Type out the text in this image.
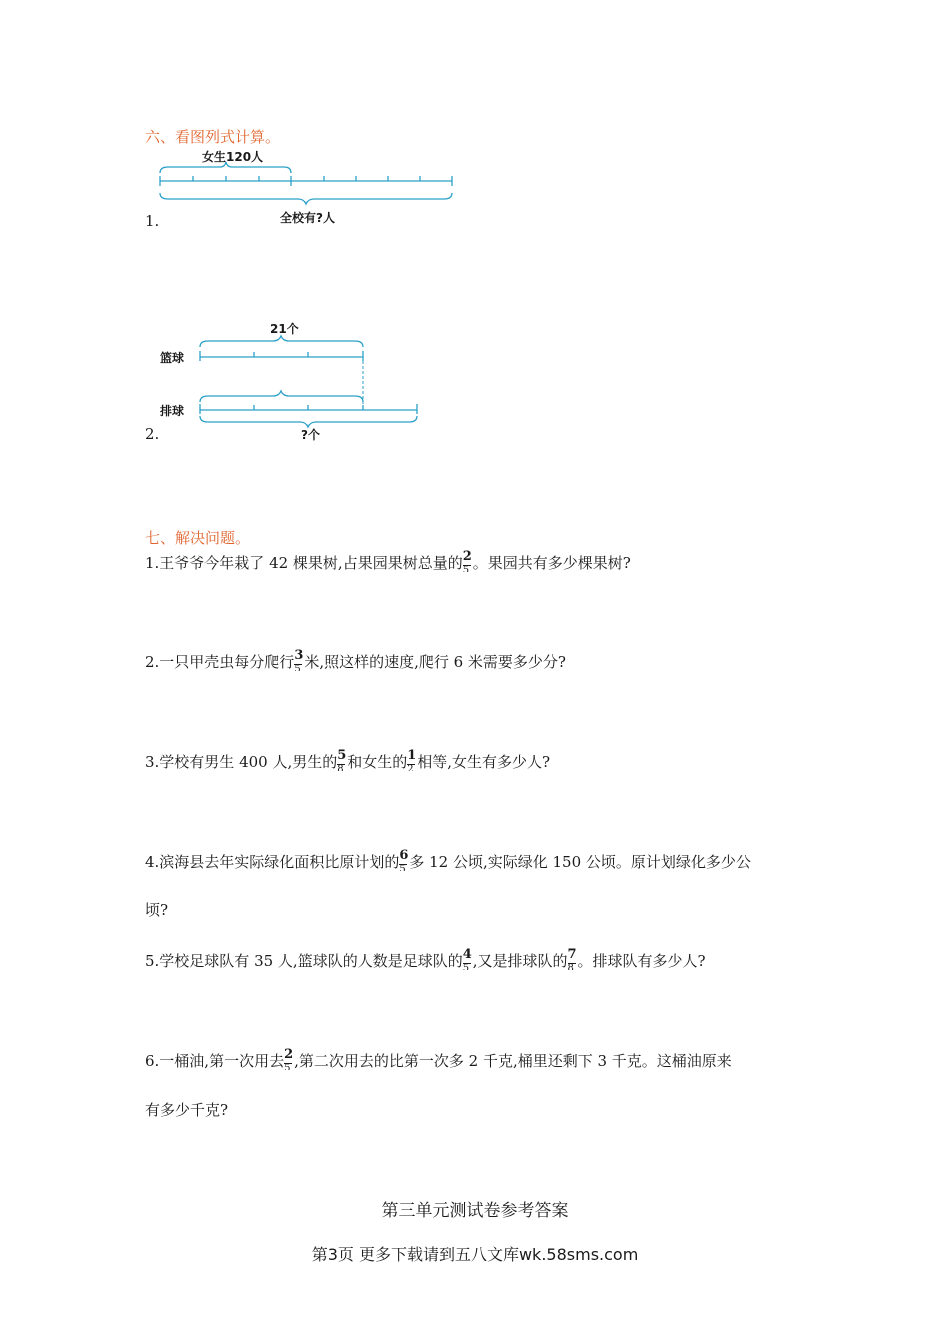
六、看图列式计算。
女生120人
全校有?人
1.
21个
篮球
排球
?个
2.
七、解决问题。
1.王爷爷今年栽了 42 棵果树,占果园果树总量的 $\frac{2}{5}$ 。果园共有多少棵果树?
2.一只甲壳虫每分爬行 $\frac{3}{5}$ 米,照这样的速度,爬行 6 米需要多少分?
3.学校有男生 400 人,男生的 $\frac{5}{8}$ 和女生的 $\frac{1}{2}$ 相等,女生有多少人?
4.滨海县去年实际绿化面积比原计划的 $\frac{6}{5}$ 多 12 公顷,实际绿化 150 公顷。原计划绿化多少公
顷?
5.学校足球队有 35 人,篮球队的人数是足球队的 $\frac{4}{5}$ ,又是排球队的 $\frac{7}{8}$ 。排球队有多少人?
6.一桶油,第一次用去 $\frac{2}{5}$ ,第二次用去的比第一次多 2 千克,桶里还剩下 3 千克。这桶油原来
有多少千克?
第三单元测试卷参考答案
第3页 更多下载请到五八文库wk.58sms.com
